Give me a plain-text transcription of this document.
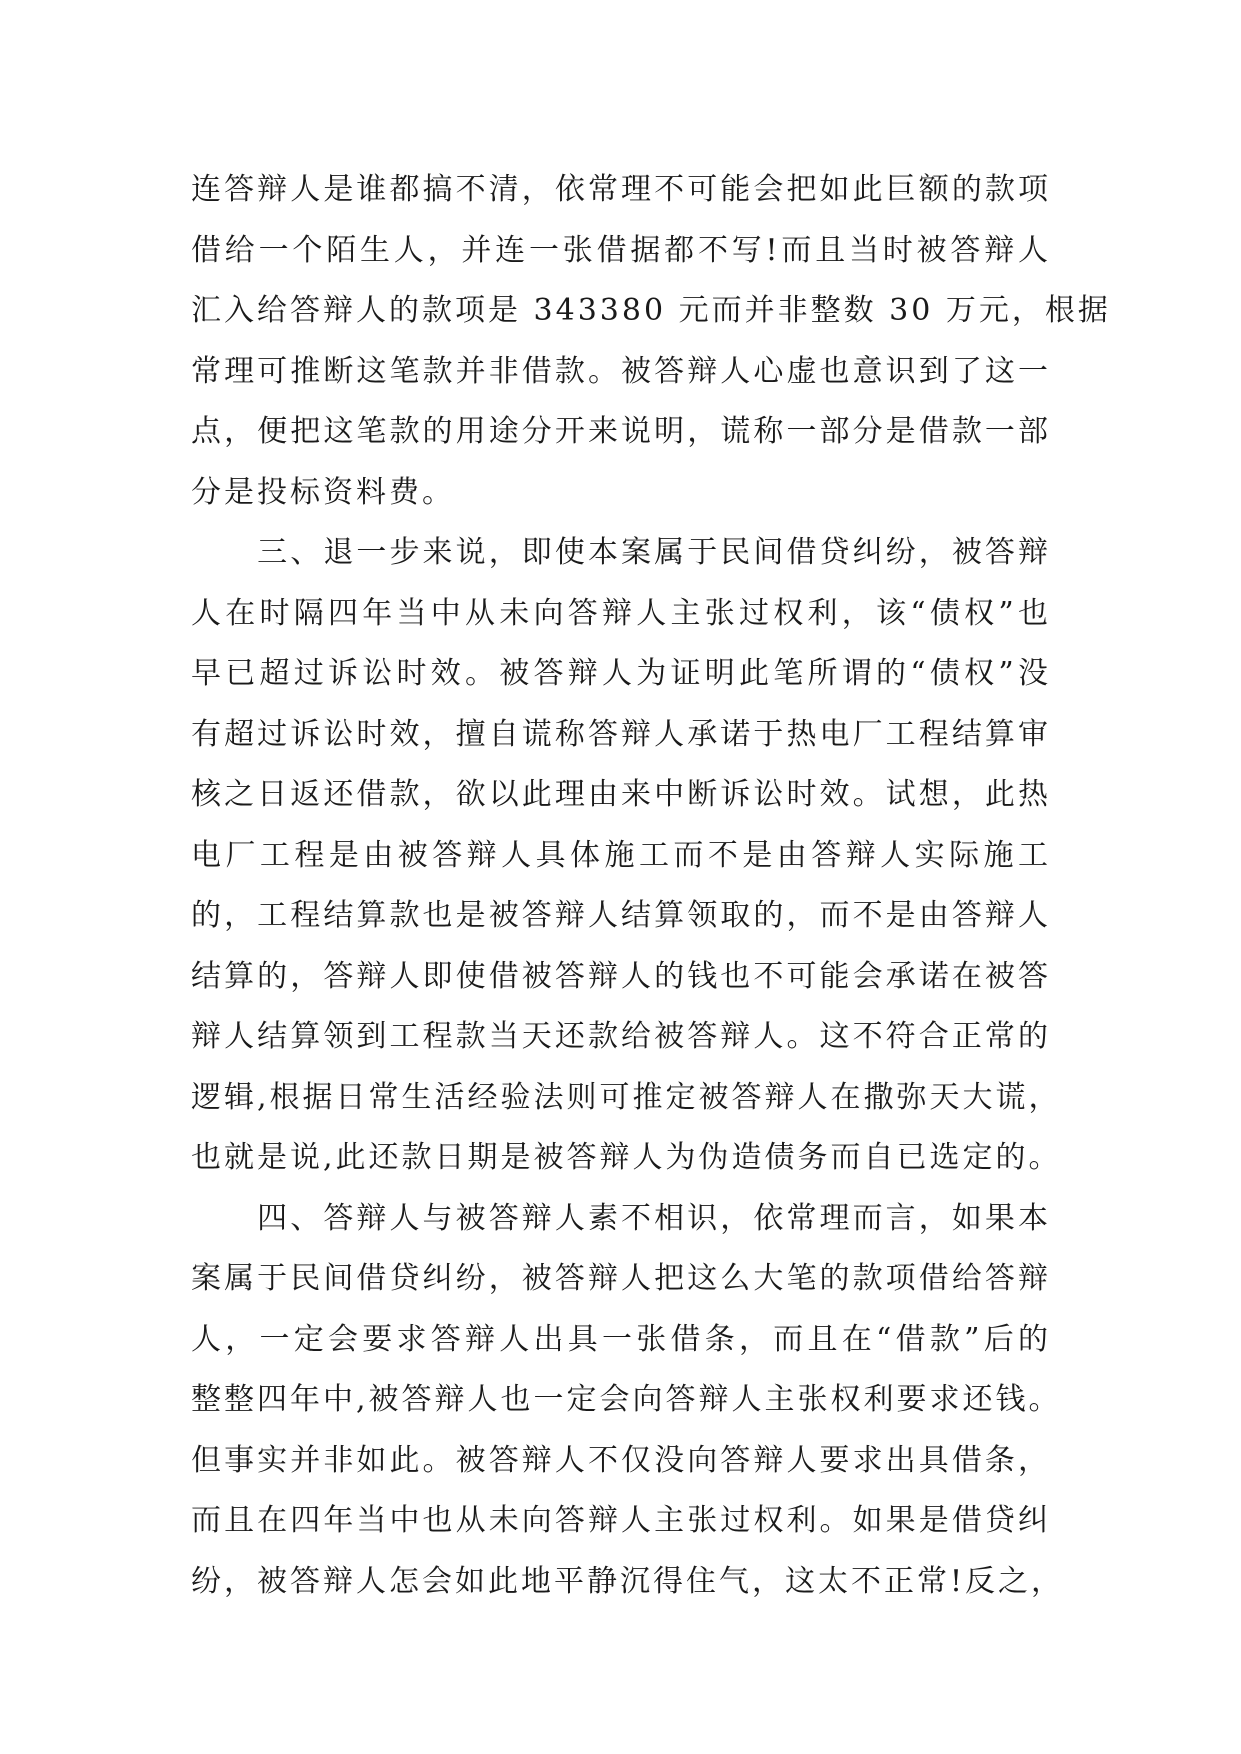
连答辩人是谁都搞不清，依常理不可能会把如此巨额的款项
借给一个陌生人，并连一张借据都不写!而且当时被答辩人
汇入给答辩人的款项是 343380 元而并非整数 30 万元，根据
常理可推断这笔款并非借款。被答辩人心虚也意识到了这一
点，便把这笔款的用途分开来说明，谎称一部分是借款一部
分是投标资料费。
　　三、退一步来说，即使本案属于民间借贷纠纷，被答辩
人在时隔四年当中从未向答辩人主张过权利，该“债权”也
早已超过诉讼时效。被答辩人为证明此笔所谓的“债权”没
有超过诉讼时效，擅自谎称答辩人承诺于热电厂工程结算审
核之日返还借款，欲以此理由来中断诉讼时效。试想，此热
电厂工程是由被答辩人具体施工而不是由答辩人实际施工
的，工程结算款也是被答辩人结算领取的，而不是由答辩人
结算的，答辩人即使借被答辩人的钱也不可能会承诺在被答
辩人结算领到工程款当天还款给被答辩人。这不符合正常的
逻辑,根据日常生活经验法则可推定被答辩人在撒弥天大谎，
也就是说,此还款日期是被答辩人为伪造债务而自已选定的。
　　四、答辩人与被答辩人素不相识，依常理而言，如果本
案属于民间借贷纠纷，被答辩人把这么大笔的款项借给答辩
人，一定会要求答辩人出具一张借条，而且在“借款”后的
整整四年中,被答辩人也一定会向答辩人主张权利要求还钱。
但事实并非如此。被答辩人不仅没向答辩人要求出具借条，
而且在四年当中也从未向答辩人主张过权利。如果是借贷纠
纷，被答辩人怎会如此地平静沉得住气，这太不正常!反之，
